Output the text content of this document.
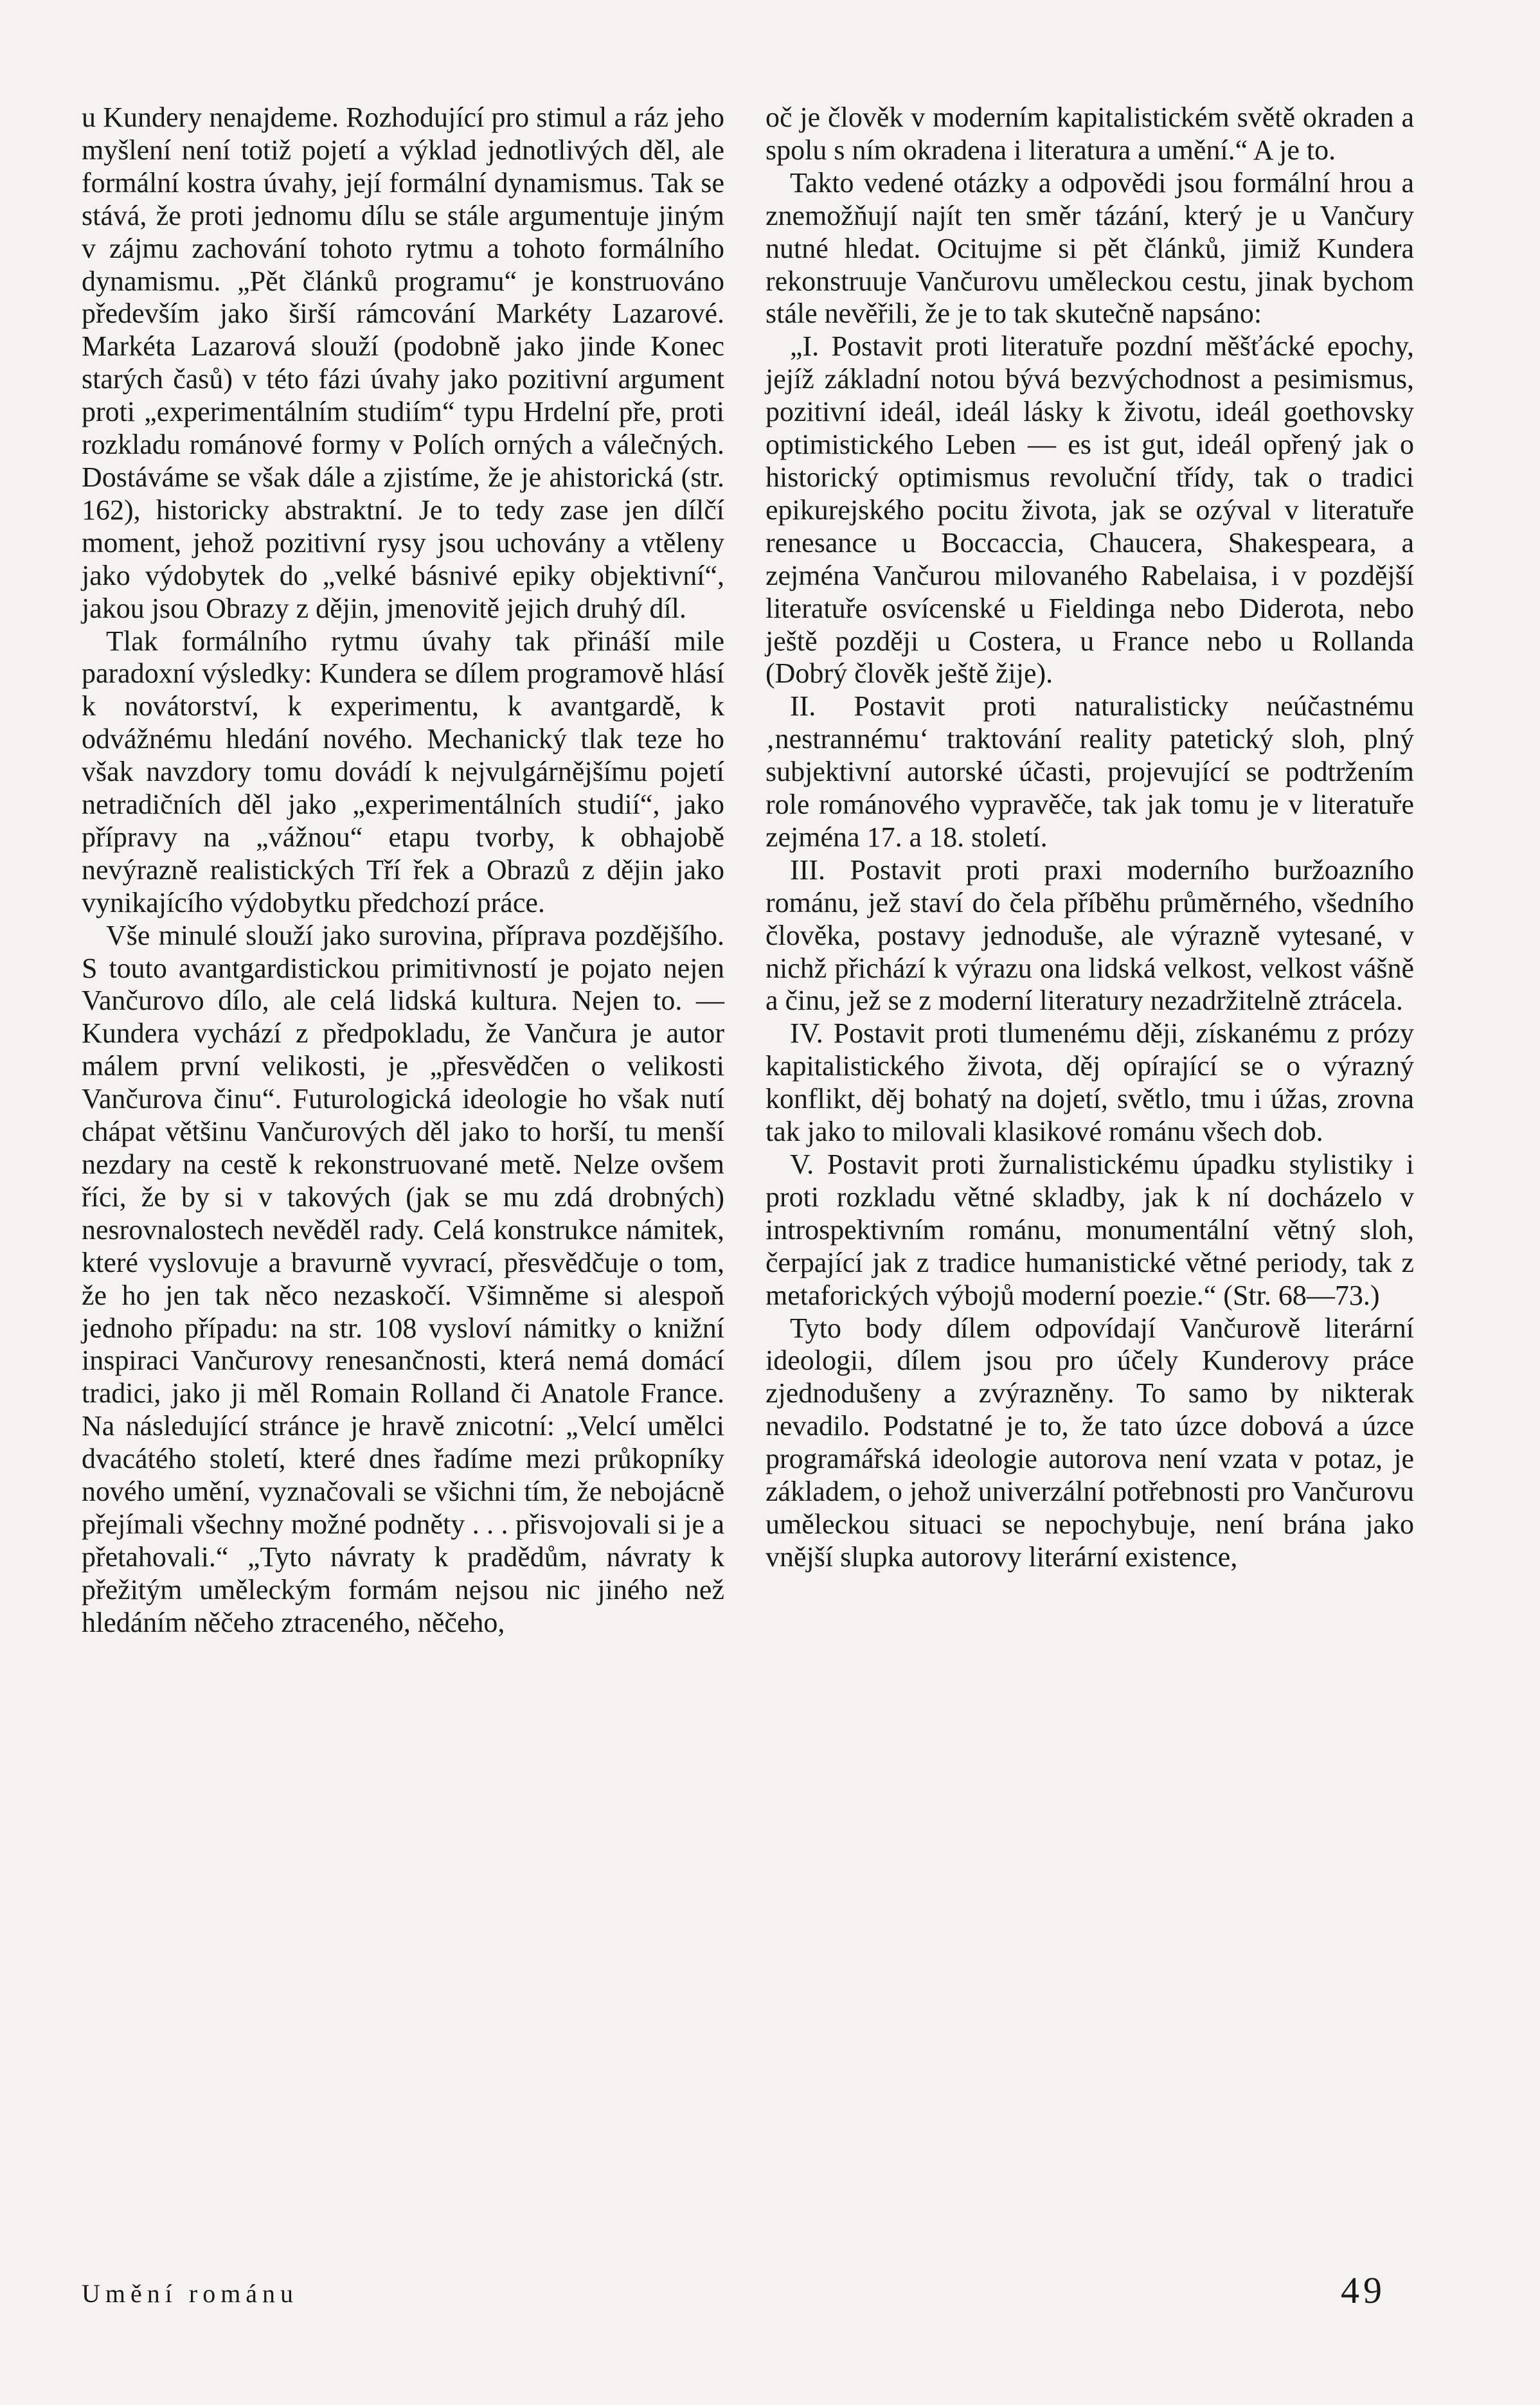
u Kundery nenajdeme. Rozhodující pro stimul a ráz jeho myšlení není totiž pojetí a výklad jednotlivých děl, ale formální kostra úvahy, její formální dynamismus. Tak se stává, že proti jednomu dílu se stále argumentuje jiným v zájmu zachování tohoto rytmu a tohoto formálního dynamismu. „Pět článků programu“ je konstruováno především jako širší rámcování Markéty Lazarové. Markéta Lazarová slouží (podobně jako jinde Konec starých časů) v této fázi úvahy jako pozitivní argument proti „experimentálním studiím“ typu Hrdelní pře, proti rozkladu románové formy v Polích orných a válečných. Dostáváme se však dále a zjistíme, že je ahistorická (str. 162), historicky abstraktní. Je to tedy zase jen dílčí moment, jehož pozitivní rysy jsou uchovány a vtěleny jako výdobytek do „velké básnivé epiky objektivní“, jakou jsou Obrazy z dějin, jmenovitě jejich druhý díl.

Tlak formálního rytmu úvahy tak přináší mile paradoxní výsledky: Kundera se dílem programově hlásí k novátorství, k experimentu, k avantgardě, k odvážnému hledání nového. Mechanický tlak teze ho však navzdory tomu dovádí k nejvulgárnějšímu pojetí netradičních děl jako „experimentálních studií“, jako přípravy na „vážnou“ etapu tvorby, k obhajobě nevýrazně realistických Tří řek a Obrazů z dějin jako vynikajícího výdobytku předchozí práce.

Vše minulé slouží jako surovina, příprava pozdějšího. S touto avantgardistickou primitivností je pojato nejen Vančurovo dílo, ale celá lidská kultura. Nejen to. — Kundera vychází z předpokladu, že Vančura je autor málem první velikosti, je „přesvědčen o velikosti Vančurova činu“. Futurologická ideologie ho však nutí chápat většinu Vančurových děl jako to horší, tu menší nezdary na cestě k rekonstruované metě. Nelze ovšem říci, že by si v takových (jak se mu zdá drobných) nesrovnalostech nevěděl rady. Celá konstrukce námitek, které vyslovuje a bravurně vyvrací, přesvědčuje o tom, že ho jen tak něco nezaskočí. Všimněme si alespoň jednoho případu: na str. 108 vysloví námitky o knižní inspiraci Vančurovy renesančnosti, která nemá domácí tradici, jako ji měl Romain Rolland či Anatole France. Na následující stránce je hravě znicotní: „Velcí umělci dvacátého století, které dnes řadíme mezi průkopníky nového umění, vyznačovali se všichni tím, že nebojácně přejímali všechny možné podněty . . . přisvojovali si je a přetahovali.“ „Tyto návraty k pradědům, návraty k přežitým uměleckým formám nejsou nic jiného než hledáním něčeho ztraceného, něčeho,

oč je člověk v moderním kapitalistickém světě okraden a spolu s ním okradena i literatura a umění.“ A je to.

Takto vedené otázky a odpovědi jsou formální hrou a znemožňují najít ten směr tázání, který je u Vančury nutné hledat. Ocitujme si pět článků, jimiž Kundera rekonstruuje Vančurovu uměleckou cestu, jinak bychom stále nevěřili, že je to tak skutečně napsáno:

„I. Postavit proti literatuře pozdní měšťácké epochy, jejíž základní notou bývá bezvýchodnost a pesimismus, pozitivní ideál, ideál lásky k životu, ideál goethovsky optimistického Leben — es ist gut, ideál opřený jak o historický optimismus revoluční třídy, tak o tradici epikurejského pocitu života, jak se ozýval v literatuře renesance u Boccaccia, Chaucera, Shakespeara, a zejména Vančurou milovaného Rabelaisa, i v pozdější literatuře osvícenské u Fieldinga nebo Diderota, nebo ještě později u Costera, u France nebo u Rollanda (Dobrý člověk ještě žije).

II. Postavit proti naturalisticky neúčastnému ‚nestrannému‘ traktování reality patetický sloh, plný subjektivní autorské účasti, projevující se podtržením role románového vypravěče, tak jak tomu je v literatuře zejména 17. a 18. století.

III. Postavit proti praxi moderního buržoazního románu, jež staví do čela příběhu průměrného, všedního člověka, postavy jednoduše, ale výrazně vytesané, v nichž přichází k výrazu ona lidská velkost, velkost vášně a činu, jež se z moderní literatury nezadržitelně ztrácela.

IV. Postavit proti tlumenému ději, získanému z prózy kapitalistického života, děj opírající se o výrazný konflikt, děj bohatý na dojetí, světlo, tmu i úžas, zrovna tak jako to milovali klasikové románu všech dob.

V. Postavit proti žurnalistickému úpadku stylistiky i proti rozkladu větné skladby, jak k ní docházelo v introspektivním románu, monumentální větný sloh, čerpající jak z tradice humanistické větné periody, tak z metaforických výbojů moderní poezie.“ (Str. 68—73.)

Tyto body dílem odpovídají Vančurově literární ideologii, dílem jsou pro účely Kunderovy práce zjednodušeny a zvýrazněny. To samo by nikterak nevadilo. Podstatné je to, že tato úzce dobová a úzce programářská ideologie autorova není vzata v potaz, je základem, o jehož univerzální potřebnosti pro Vančurovu uměleckou situaci se nepochybuje, není brána jako vnější slupka autorovy literární existence,

Umění románu	49
